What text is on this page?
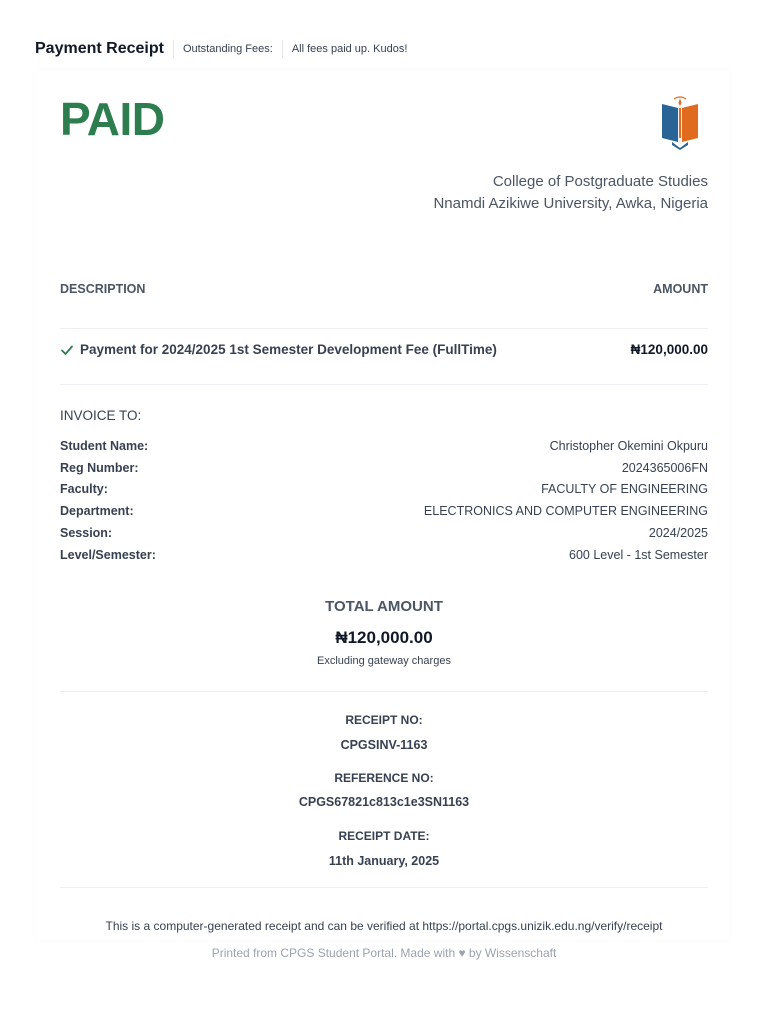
Payment Receipt Outstanding Fees: All fees paid up. Kudos!
PAID
College of Postgraduate Studies
Nnamdi Azikiwe University, Awka, Nigeria
DESCRIPTION	AMOUNT
Payment for 2024/2025 1st Semester Development Fee (FullTime)	₦120,000.00
INVOICE TO:
Student Name:	Christopher Okemini Okpuru
Reg Number:	2024365006FN
Faculty:	FACULTY OF ENGINEERING
Department:	ELECTRONICS AND COMPUTER ENGINEERING
Session:	2024/2025
Level/Semester:	600 Level - 1st Semester
TOTAL AMOUNT
₦120,000.00
Excluding gateway charges
RECEIPT NO:
CPGSINV-1163
REFERENCE NO:
CPGS67821c813c1e3SN1163
RECEIPT DATE:
11th January, 2025
This is a computer-generated receipt and can be verified at https://portal.cpgs.unizik.edu.ng/verify/receipt
Printed from CPGS Student Portal. Made with ♥ by Wissenschaft
